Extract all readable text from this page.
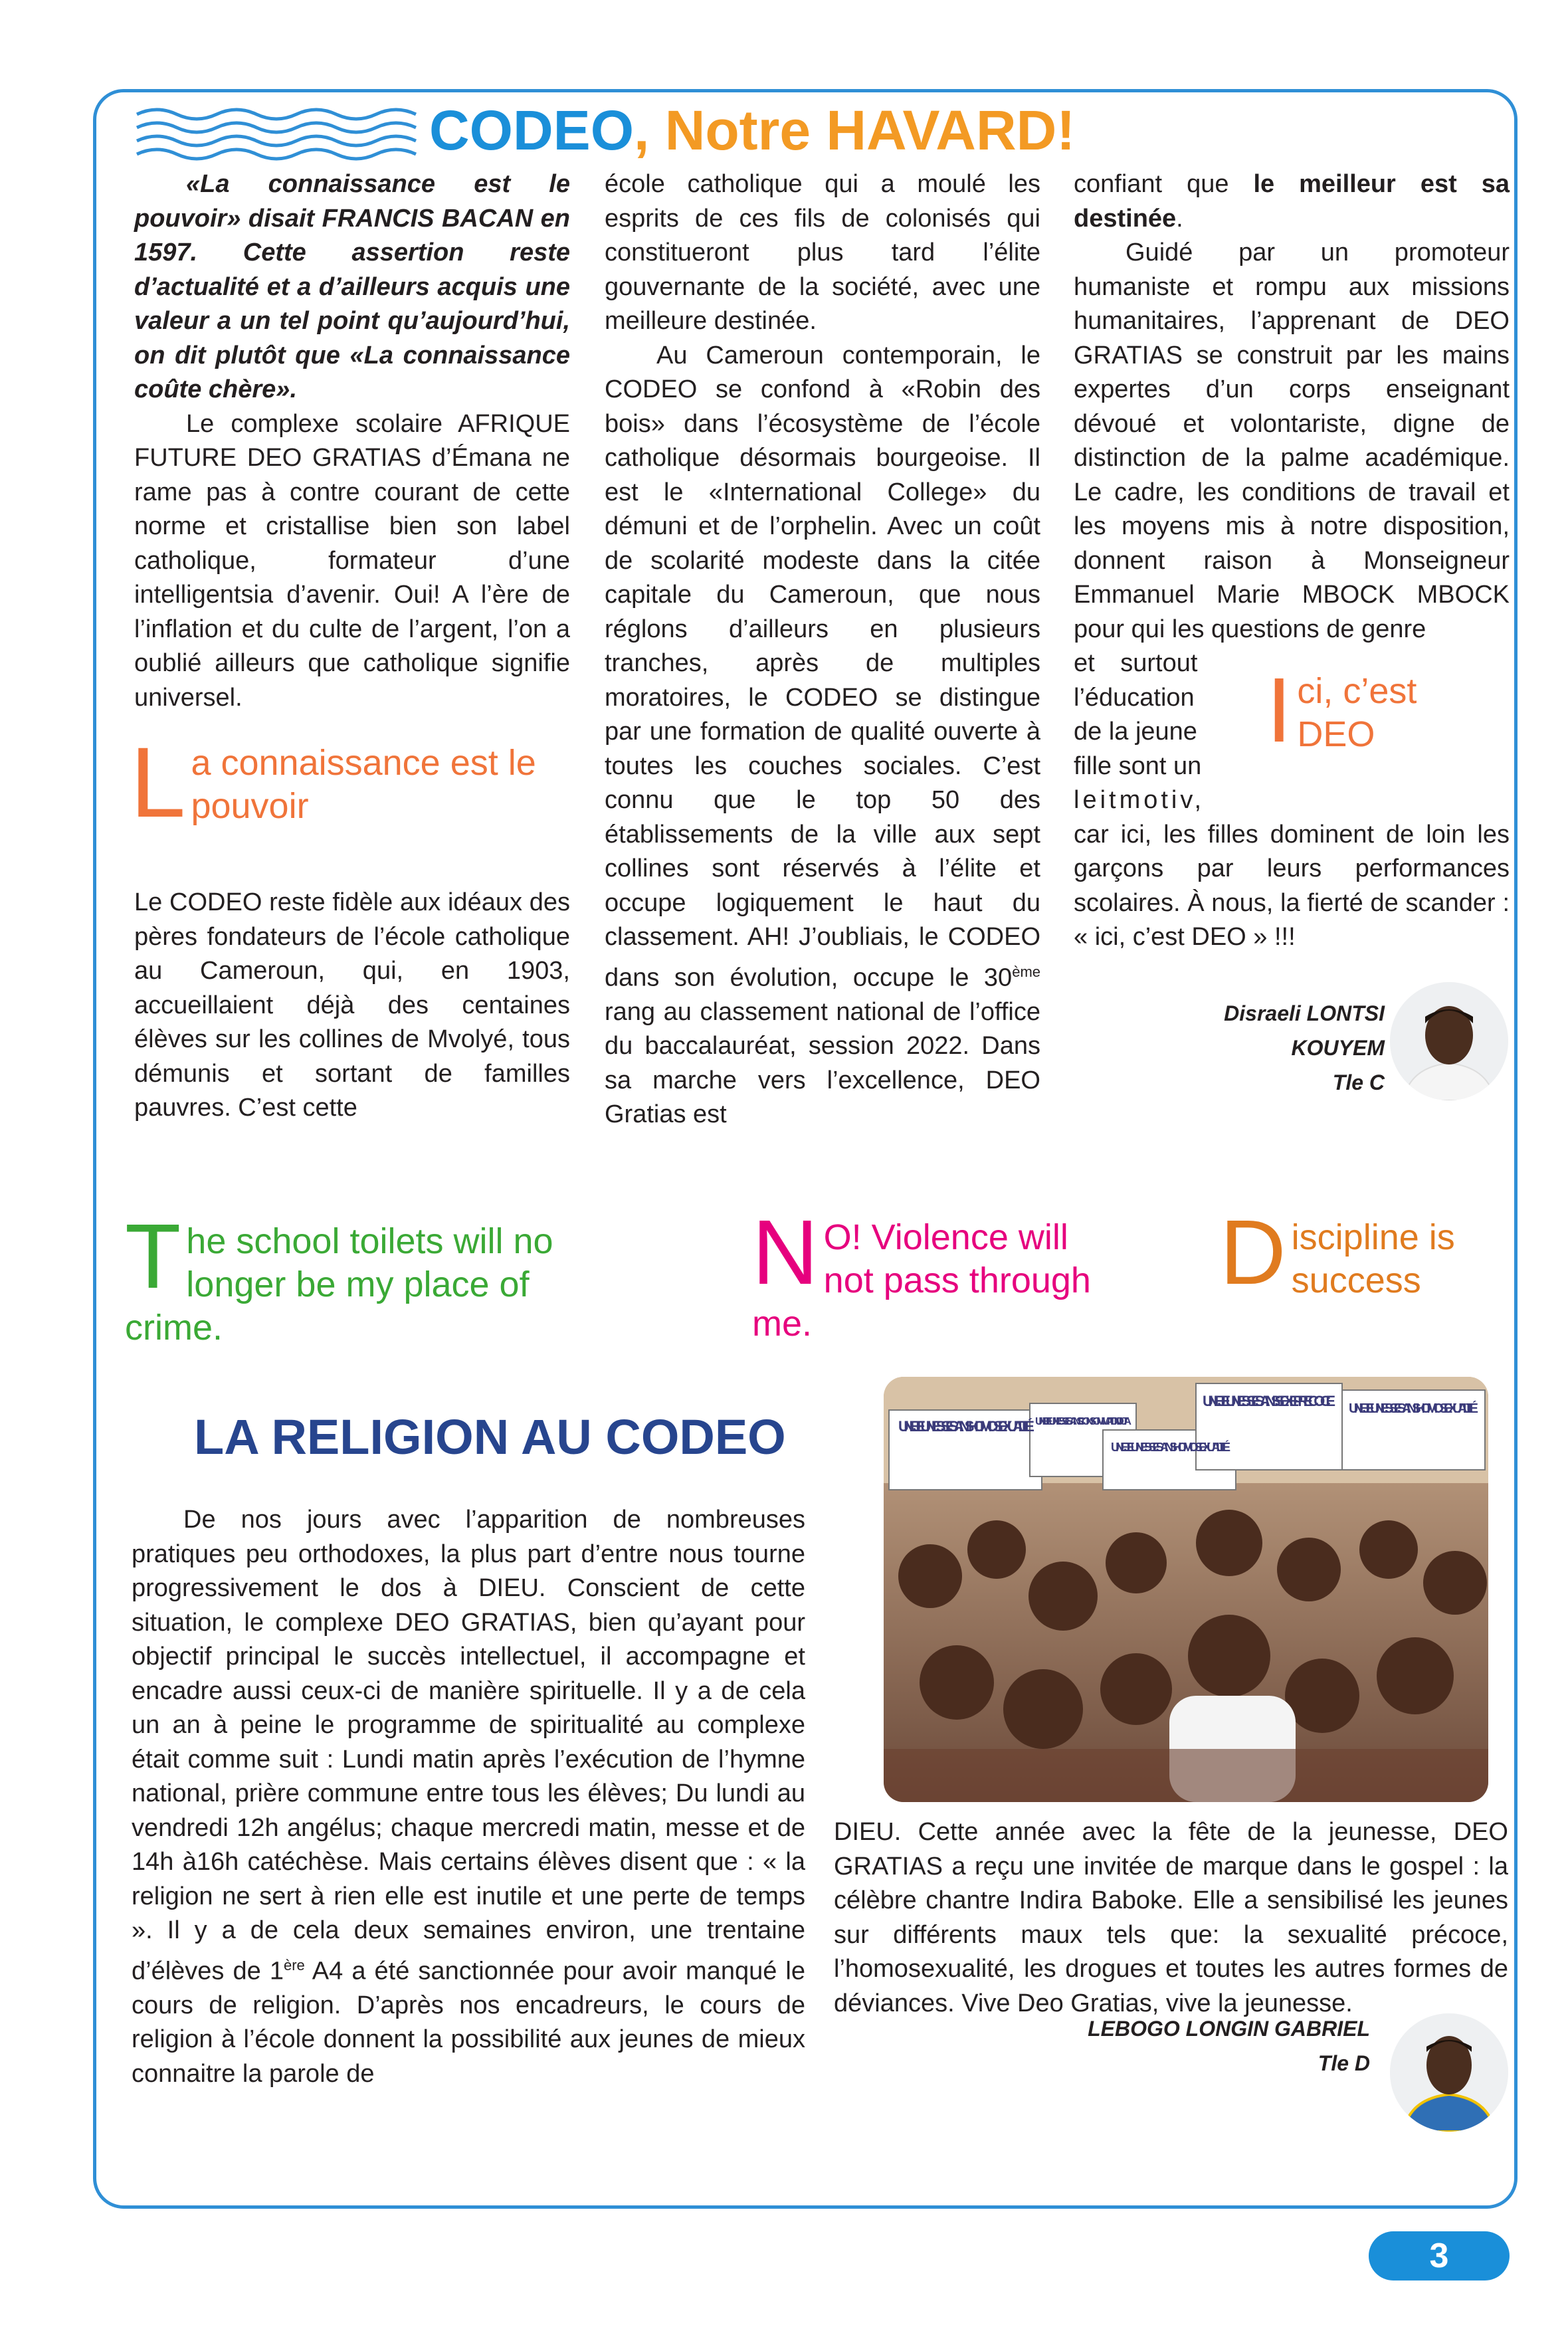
CODEO, Notre HAVARD!

«La connaissance est le pouvoir» disait FRANCIS BACAN en 1597. Cette assertion reste d’actualité et a d’ailleurs acquis une valeur a un tel point qu’aujourd’hui, on dit plutôt que «La connaissance coûte chère».

Le complexe scolaire AFRIQUE FUTURE DEO GRATIAS d’Émana ne rame pas à contre courant de cette norme et cristallise bien son label catholique, formateur d’une intelligentsia d’avenir. Oui! A l’ère de l’inflation et du culte de l’argent, l’on a oublié ailleurs que catholique signifie universel.

L a connaissance est le pouvoir

Le CODEO reste fidèle aux idéaux des pères fondateurs de l’école catholique au Cameroun, qui, en 1903, accueillaient déjà des centaines élèves sur les collines de Mvolyé, tous démunis et sortant de familles pauvres. C’est cette

école catholique qui a moulé les esprits de ces fils de colonisés qui constitueront plus tard l’élite gouvernante de la société, avec une meilleure destinée.

Au Cameroun contemporain, le CODEO se confond à «Robin des bois» dans l’écosystème de l’école catholique désormais bourgeoise. Il est le «International College» du démuni et de l’orphelin. Avec un coût de scolarité modeste dans la citée capitale du Cameroun, que nous réglons d’ailleurs en plusieurs tranches, après de multiples moratoires, le CODEO se distingue par une formation de qualité ouverte à toutes les couches sociales. C’est connu que le top 50 des établissements de la ville aux sept collines sont réservés à l’élite et occupe logiquement le haut du classement. AH! J’oubliais, le CODEO dans son évolution, occupe le 30ème rang au classement national de l’office du baccalauréat, session 2022. Dans sa marche vers l’excellence, DEO Gratias est

confiant que le meilleur est sa destinée.

Guidé par un promoteur humaniste et rompu aux missions humanitaires, l’apprenant de DEO GRATIAS se construit par les mains expertes d’un corps enseignant dévoué et volontariste, digne de distinction de la palme académique. Le cadre, les conditions de travail et les moyens mis à notre disposition, donnent raison à Monseigneur Emmanuel Marie MBOCK MBOCK pour qui les questions de genre

et surtout
l’éducation
de la jeune
fille sont un
leitmotiv,

car ici, les filles dominent de loin les garçons par leurs performances scolaires. À nous, la fierté de scander : « ici, c’est DEO » !!!

I ci, c’est DEO
Disraeli LONTSI
KOUYEM
Tle C
T he school toilets will no longer be my place of crime.
N O! Violence will not pass through me.
D iscipline is success
LA RELIGION AU CODEO

De nos jours avec l’apparition de nombreuses pratiques peu orthodoxes, la plus part d’entre nous tourne progressivement le dos à DIEU. Conscient de cette situation, le complexe DEO GRATIAS, bien qu’ayant pour objectif principal le succès intellectuel, il accompagne et encadre aussi ceux-ci de manière spirituelle. Il y a de cela un an à peine le programme de spiritualité au complexe était comme suit : Lundi matin après l’exécution de l’hymne national, prière commune entre tous les élèves; Du lundi au vendredi 12h angélus; chaque mercredi matin, messe et de 14h à16h catéchèse. Mais certains élèves disent que : « la religion ne sert à rien elle est inutile et une perte de temps ». Il y a de cela deux semaines environ, une trentaine d’élèves de 1ère A4 a été sanctionnée pour avoir manqué le cours de religion. D’après nos encadreurs, le cours de religion à l’école donnent la possibilité aux jeunes de mieux connaitre la parole de

UNE JEUNESSE SANS HOMOSEXUALITÉ UNE JEUNESSE SANS CONSOMMATION DU TA
UNE JEUNESSE SANS HOMOSEXUALITÉ
UNE JEUNESSE SANS SEXE PRECOCE UNE JEUNESSE SANS HOMOSEXUALITÉ

DIEU. Cette année avec la fête de la jeunesse, DEO GRATIAS a reçu une invitée de marque dans le gospel : la célèbre chantre Indira Baboke. Elle a sensibilisé les jeunes sur différents maux tels que: la sexualité précoce, l’homosexualité, les drogues et toutes les autres formes de déviances. Vive Deo Gratias, vive la jeunesse.

LEBOGO LONGIN GABRIEL
Tle D
3
